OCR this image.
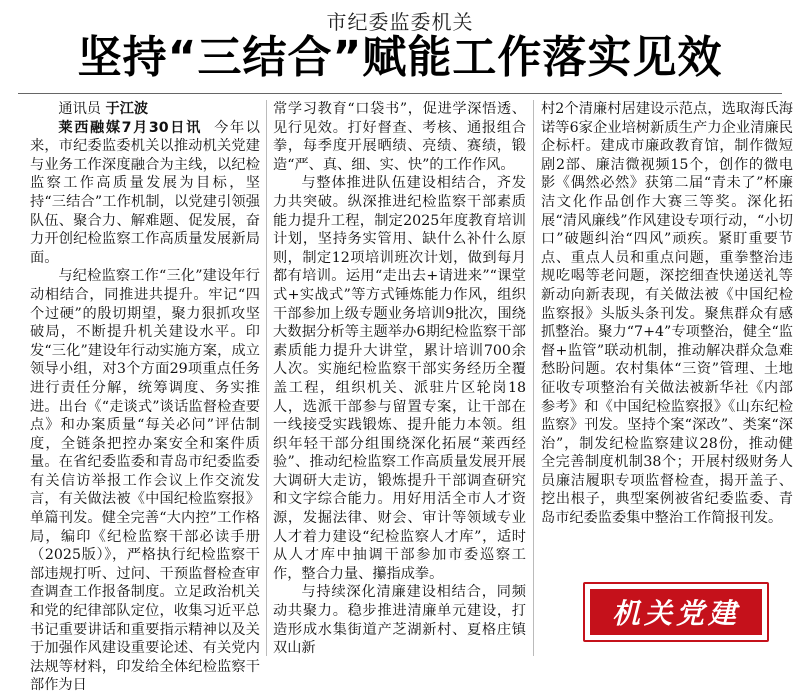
市纪委监委机关
坚持“三结合”赋能工作落实见效

通讯员 于江波

莱西融媒7月30日讯 今年以来，市纪委监委机关以推动机关党建与业务工作深度融合为主线，以纪检监察工作高质量发展为目标，坚持“三结合”工作机制，以党建引领强队伍、聚合力、解难题、促发展，奋力开创纪检监察工作高质量发展新局面。

与纪检监察工作“三化”建设年行动相结合，同推进共提升。牢记“四个过硬”的殷切期望，聚力狠抓攻坚破局，不断提升机关建设水平。印发“三化”建设年行动实施方案，成立领导小组，对3个方面29项重点任务进行责任分解，统筹调度、务实推进。出台《“走谈式”谈话监督检查要点》和办案质量“每关必问”评估制度，全链条把控办案安全和案件质量。在省纪委监委和青岛市纪委监委有关信访举报工作会议上作交流发言，有关做法被《中国纪检监察报》单篇刊发。健全完善“大内控”工作格局，编印《纪检监察干部必读手册（2025版）》，严格执行纪检监察干部违规打听、过问、干预监督检查审查调查工作报备制度。立足政治机关和党的纪律部队定位，收集习近平总书记重要讲话和重要指示精神以及关于加强作风建设重要论述、有关党内法规等材料，印发给全体纪检监察干部作为日

常学习教育“口袋书”，促进学深悟透、见行见效。打好督查、考核、通报组合拳，每季度开展晒绩、亮绩、赛绩，锻造“严、真、细、实、快”的工作作风。

与整体推进队伍建设相结合，齐发力共突破。纵深推进纪检监察干部素质能力提升工程，制定2025年度教育培训计划，坚持务实管用、缺什么补什么原则，制定12项培训班次计划，做到每月都有培训。运用“走出去+请进来”“课堂式+实战式”等方式锤炼能力作风，组织干部参加上级专题业务培训9批次，围绕大数据分析等主题举办6期纪检监察干部素质能力提升大讲堂，累计培训700余人次。实施纪检监察干部实务经历全覆盖工程，组织机关、派驻片区轮岗18人，选派干部参与留置专案，让干部在一线接受实践锻炼、提升能力本领。组织年轻干部分组围绕深化拓展“莱西经验”、推动纪检监察工作高质量发展开展大调研大走访，锻炼提升干部调查研究和文字综合能力。用好用活全市人才资源，发掘法律、财会、审计等领域专业人才着力建设“纪检监察人才库”，适时从人才库中抽调干部参加市委巡察工作，整合力量、攥指成拳。

与持续深化清廉建设相结合，同频动共聚力。稳步推进清廉单元建设，打造形成水集街道产芝湖新村、夏格庄镇双山新

村2个清廉村居建设示范点，选取海氏海诺等6家企业培树新质生产力企业清廉民企标杆。建成市廉政教育馆，制作微短剧2部、廉洁微视频15个，创作的微电影《偶然必然》获第二届“青未了”杯廉洁文化作品创作大赛三等奖。深化拓展“清风廉线”作风建设专项行动，“小切口”破题纠治“四风”顽疾。紧盯重要节点、重点人员和重点问题，重拳整治违规吃喝等老问题，深挖细查快递送礼等新动向新表现，有关做法被《中国纪检监察报》头版头条刊发。聚焦群众有感抓整治。聚力“7+4”专项整治，健全“监督+监管”联动机制，推动解决群众急难愁盼问题。农村集体“三资”管理、土地征收专项整治有关做法被新华社《内部参考》和《中国纪检监察报》《山东纪检监察》刊发。坚持个案“深改”、类案“深治”，制发纪检监察建议28份，推动健全完善制度机制38个；开展村级财务人员廉洁履职专项监督检查，揭开盖子、挖出根子，典型案例被省纪委监委、青岛市纪委监委集中整治工作简报刊发。

机关党建
